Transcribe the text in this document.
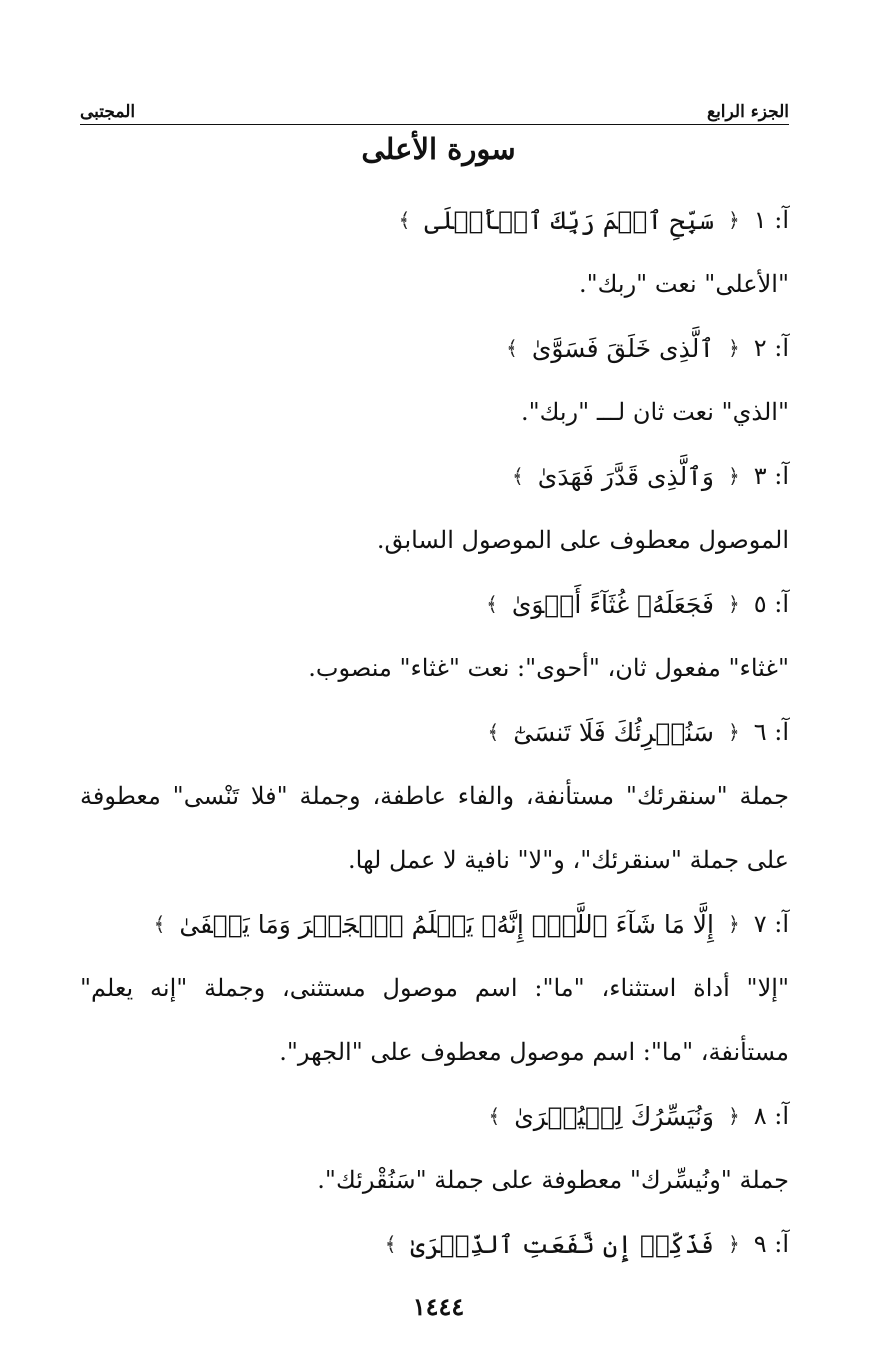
الجزء الرابع
المجتبى
سورة الأعلى
آ: ١
﴿
سَبِّحِ ٱسۡمَ رَبِّكَ ٱلۡأَعۡلَى
﴾

"الأعلى" نعت "ربك".

آ: ٢
﴿
ٱلَّذِى خَلَقَ فَسَوَّىٰ
﴾

"الذي" نعت ثان لـــ "ربك".

آ: ٣
﴿
وَٱلَّذِى قَدَّرَ فَهَدَىٰ
﴾

الموصول معطوف على الموصول السابق.

آ: ٥
﴿
فَجَعَلَهُۥ غُثَآءً أَحۡوَىٰ
﴾

"غثاء" مفعول ثان، "أحوى": نعت "غثاء" منصوب.

آ: ٦
﴿
سَنُقۡرِئُكَ فَلَا تَنسَىٰٓ
﴾

جملة "سنقرئك" مستأنفة، والفاء عاطفة، وجملة "فلا تَنْسى" معطوفة على جملة "سنقرئك"، و"لا" نافية لا عمل لها.

آ: ٧
﴿
إِلَّا مَا شَآءَ ٱللَّهُۚ إِنَّهُۥ يَعۡلَمُ ٱلۡجَهۡرَ وَمَا يَخۡفَىٰ
﴾

"إلا" أداة استثناء، "ما": اسم موصول مستثنى، وجملة "إنه يعلم" مستأنفة، "ما": اسم موصول معطوف على "الجهر".

آ: ٨
﴿
وَنُيَسِّرُكَ لِلۡيُسۡرَىٰ
﴾

جملة "ونُيسِّرك" معطوفة على جملة "سَنُقْرئك".

آ: ٩
﴿
فَذَكِّرۡ إِن نَّفَعَتِ ٱلذِّكۡرَىٰ
﴾
١٤٤٤
